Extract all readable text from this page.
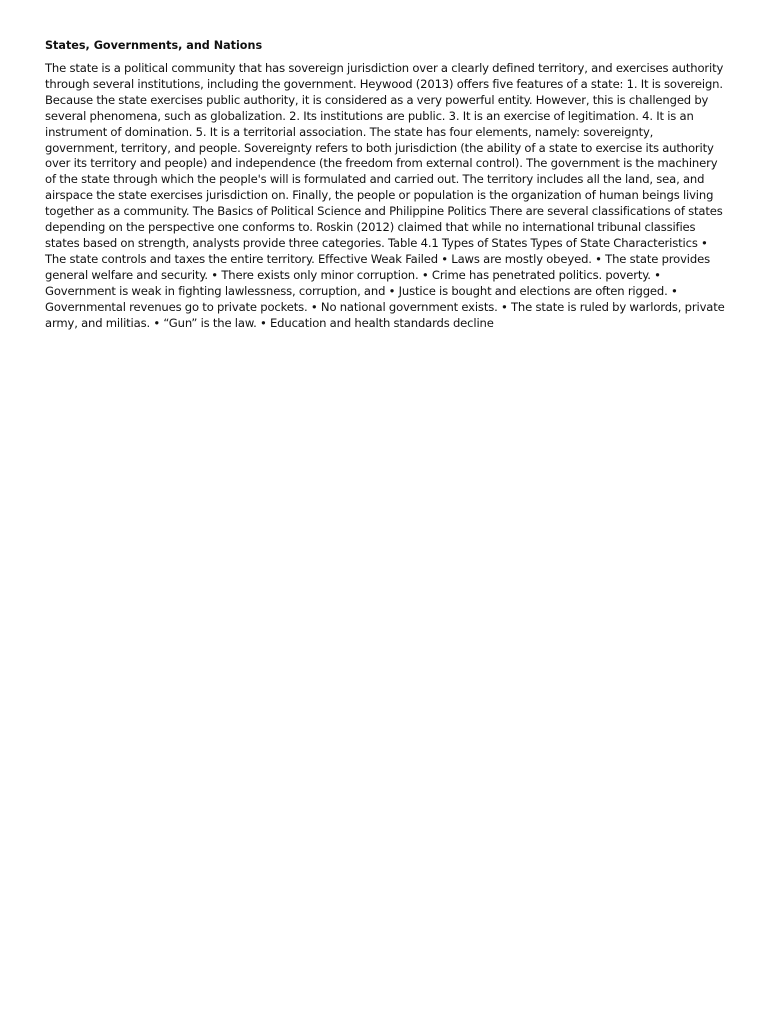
States, Governments, and Nations

The state is a political community that has sovereign jurisdiction over a clearly defined territory, and exercises authority through several institutions, including the government. Heywood (2013) offers five features of a state: 1. It is sovereign. Because the state exercises public authority, it is considered as a very powerful entity. However, this is challenged by several phenomena, such as globalization. 2. Its institutions are public. 3. It is an exercise of legitimation. 4. It is an instrument of domination. 5. It is a territorial association. The state has four elements, namely: sovereignty, government, territory, and people. Sovereignty refers to both jurisdiction (the ability of a state to exercise its authority over its territory and people) and independence (the freedom from external control). The government is the machinery of the state through which the people's will is formulated and carried out. The territory includes all the land, sea, and airspace the state exercises jurisdiction on. Finally, the people or population is the organization of human beings living together as a community. The Basics of Political Science and Philippine Politics There are several classifications of states depending on the perspective one conforms to. Roskin (2012) claimed that while no international tribunal classifies states based on strength, analysts provide three categories. Table 4.1 Types of States Types of State Characteristics • The state controls and taxes the entire territory. Effective Weak Failed • Laws are mostly obeyed. • The state provides general welfare and security. • There exists only minor corruption. • Crime has penetrated politics. poverty. • Government is weak in fighting lawlessness, corruption, and • Justice is bought and elections are often rigged. • Governmental revenues go to private pockets. • No national government exists. • The state is ruled by warlords, private army, and militias. • “Gun” is the law. • Education and health standards decline
